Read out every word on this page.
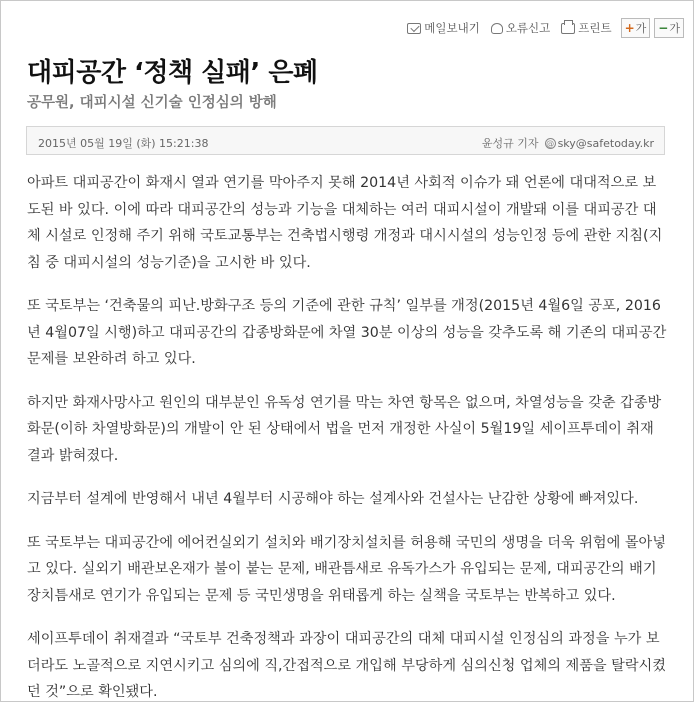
메일보내기 오류신고 프린트 + 가 − 가
대피공간 ‘정책 실패’ 은폐
공무원, 대피시설 신기술 인정심의 방해
2015년 05월 19일 (화) 15:21:38	윤성규 기자 @ sky@safetoday.kr

아파트 대피공간이 화재시 열과 연기를 막아주지 못해 2014년 사회적 이슈가 돼 언론에 대대적으로 보도된 바 있다. 이에 따라 대피공간의 성능과 기능을 대체하는 여러 대피시설이 개발돼 이를 대피공간 대체 시설로 인정해 주기 위해 국토교통부는 건축법시행령 개정과 대시시설의 성능인정 등에 관한 지침(지침 중 대피시설의 성능기준)을 고시한 바 있다.

또 국토부는 ‘건축물의 피난.방화구조 등의 기준에 관한 규칙’ 일부를 개정(2015년 4월6일 공포, 2016년 4월07일 시행)하고 대피공간의 갑종방화문에 차열 30분 이상의 성능을 갖추도록 해 기존의 대피공간 문제를 보완하려 하고 있다.

하지만 화재사망사고 원인의 대부분인 유독성 연기를 막는 차연 항목은 없으며, 차열성능을 갖춘 갑종방화문(이하 차열방화문)의 개발이 안 된 상태에서 법을 먼저 개정한 사실이 5월19일 세이프투데이 취재 결과 밝혀졌다.

지금부터 설계에 반영해서 내년 4월부터 시공해야 하는 설계사와 건설사는 난감한 상황에 빠져있다.

또 국토부는 대피공간에 에어컨실외기 설치와 배기장치설치를 허용해 국민의 생명을 더욱 위험에 몰아넣고 있다. 실외기 배관보온재가 불이 붙는 문제, 배관틈새로 유독가스가 유입되는 문제, 대피공간의 배기장치틈새로 연기가 유입되는 문제 등 국민생명을 위태롭게 하는 실책을 국토부는 반복하고 있다.

세이프투데이 취재결과 “국토부 건축정책과 과장이 대피공간의 대체 대피시설 인정심의 과정을 누가 보더라도 노골적으로 지연시키고 심의에 직,간접적으로 개입해 부당하게 심의신청 업체의 제품을 탈락시켰던 것”으로 확인됐다.
